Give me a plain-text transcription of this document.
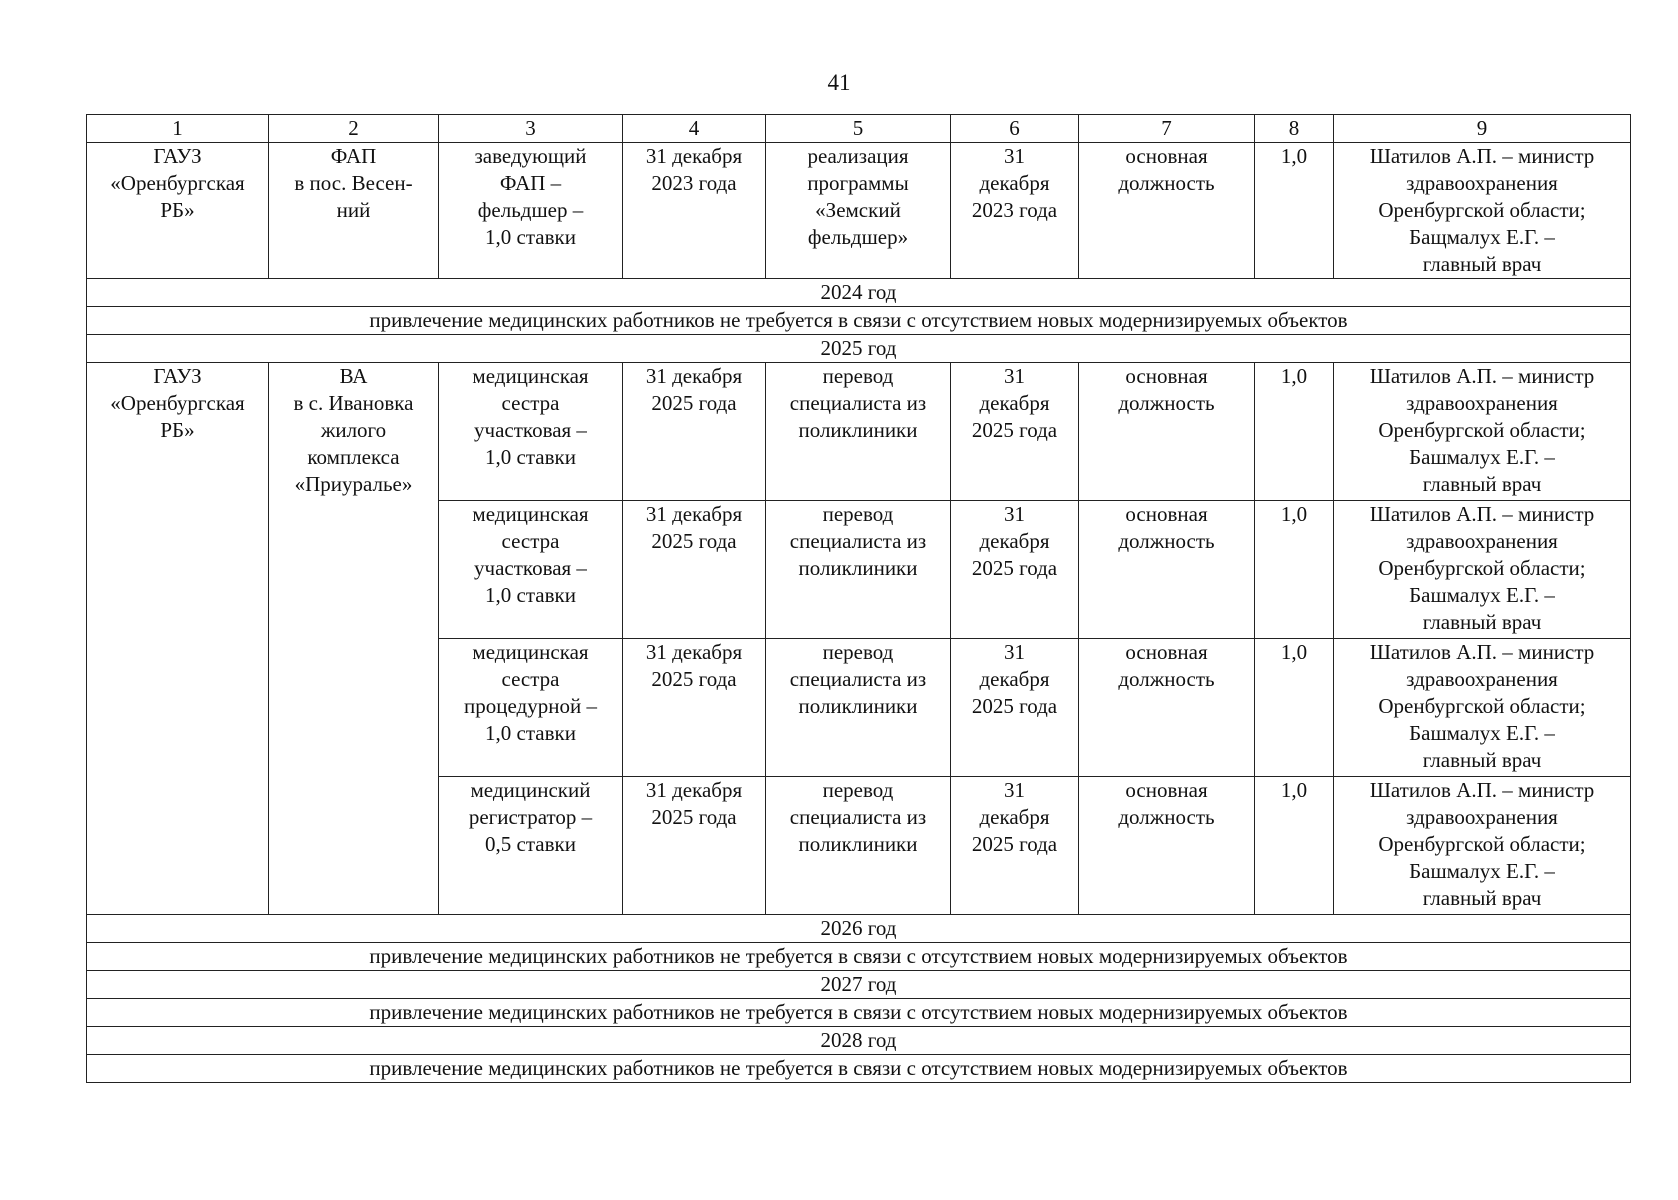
41
1	2	3	4	5	6	7	8	9
ГАУЗ
«Оренбургская
РБ»	ФАП
в пос. Весен-
ний	заведующий
ФАП –
фельдшер –
1,0 ставки	31 декабря
2023 года	реализация
программы
«Земский
фельдшер»	31
декабря
2023 года	основная
должность	1,0	Шатилов А.П. – министр
здравоохранения
Оренбургской области;
Бащмалух Е.Г. –
главный врач
2024 год								
привлечение медицинских работников не требуется в связи с отсутствием новых модернизируемых объектов								
2025 год								
ГАУЗ
«Оренбургская
РБ»	ВА
в с. Ивановка
жилого
комплекса
«Приуралье»	медицинская
сестра
участковая –
1,0 ставки	31 декабря
2025 года	перевод
специалиста из
поликлиники	31
декабря
2025 года	основная
должность	1,0	Шатилов А.П. – министр
здравоохранения
Оренбургской области;
Башмалух Е.Г. –
главный врач
		медицинская
сестра
участковая –
1,0 ставки	31 декабря
2025 года	перевод
специалиста из
поликлиники	31
декабря
2025 года	основная
должность	1,0	Шатилов А.П. – министр
здравоохранения
Оренбургской области;
Башмалух Е.Г. –
главный врач
		медицинская
сестра
процедурной –
1,0 ставки	31 декабря
2025 года	перевод
специалиста из
поликлиники	31
декабря
2025 года	основная
должность	1,0	Шатилов А.П. – министр
здравоохранения
Оренбургской области;
Башмалух Е.Г. –
главный врач
		медицинский
регистратор –
0,5 ставки	31 декабря
2025 года	перевод
специалиста из
поликлиники	31
декабря
2025 года	основная
должность	1,0	Шатилов А.П. – министр
здравоохранения
Оренбургской области;
Башмалух Е.Г. –
главный врач
2026 год								
привлечение медицинских работников не требуется в связи с отсутствием новых модернизируемых объектов								
2027 год								
привлечение медицинских работников не требуется в связи с отсутствием новых модернизируемых объектов								
2028 год								
привлечение медицинских работников не требуется в связи с отсутствием новых модернизируемых объектов								
